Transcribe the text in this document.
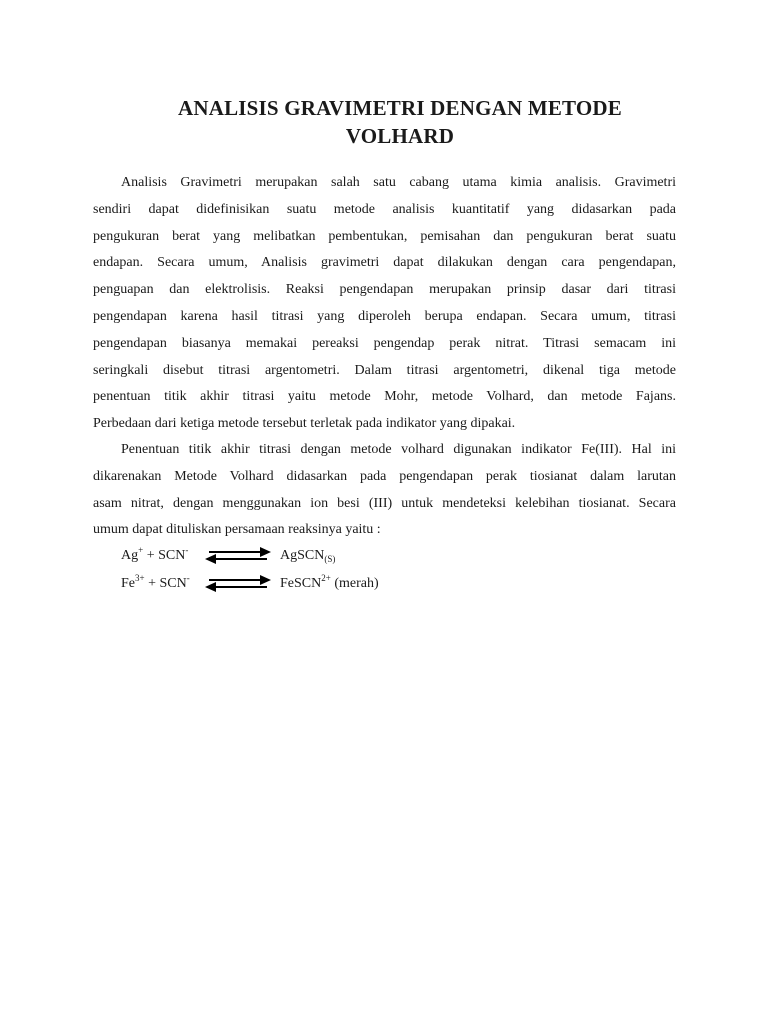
ANALISIS GRAVIMETRI DENGAN METODE
VOLHARD
Analisis Gravimetri merupakan salah satu cabang utama kimia analisis. Gravimetri
sendiri dapat didefinisikan suatu metode analisis kuantitatif yang didasarkan pada
pengukuran berat yang melibatkan pembentukan, pemisahan dan pengukuran berat suatu
endapan. Secara umum, Analisis gravimetri dapat dilakukan dengan cara pengendapan,
penguapan dan elektrolisis. Reaksi pengendapan merupakan prinsip dasar dari titrasi
pengendapan karena hasil titrasi yang diperoleh berupa endapan. Secara umum, titrasi
pengendapan biasanya memakai pereaksi pengendap perak nitrat. Titrasi semacam ini
seringkali disebut titrasi argentometri. Dalam titrasi argentometri, dikenal tiga metode
penentuan titik akhir titrasi yaitu metode Mohr, metode Volhard, dan metode Fajans.
Perbedaan dari ketiga metode tersebut terletak pada indikator yang dipakai.
Penentuan titik akhir titrasi dengan metode volhard digunakan indikator Fe(III). Hal ini
dikarenakan Metode Volhard didasarkan pada pengendapan perak tiosianat dalam larutan
asam nitrat, dengan menggunakan ion besi (III) untuk mendeteksi kelebihan tiosianat. Secara
umum dapat dituliskan persamaan reaksinya yaitu :
Ag+ + SCN-	AgSCN$_{(S)}$
$Fe^{3+} + SCN^-$	FeSCN$^{2+}$ (merah)
